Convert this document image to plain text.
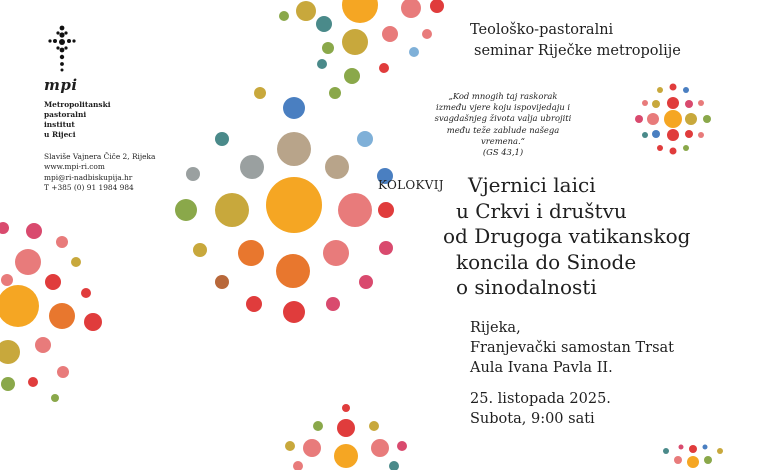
mpi
Metropolitanski
pastoralni
institut
u Rijeci
Slaviše Vajnera Čiče 2, Rijeka
www.mpi-ri.com
mpi@ri-nadbiskupija.hr
T +385 (0) 91 1984 984
Teološko-pastoralni
seminar Riječke metropolije
„Kod mnogih taj raskorak
između vjere koju ispovijedaju i
svagdašnjeg života valja ubrojiti
među teže zablude našega
vremena.“
(GS 43,1)
KOLOKVIJ	Vjernici laici
u Crkvi i društvu
od Drugoga vatikanskog
koncila do Sinode
o sinodalnosti
Rijeka,
Franjevački samostan Trsat
Aula Ivana Pavla II.
25. listopada 2025.
Subota, 9:00 sati
